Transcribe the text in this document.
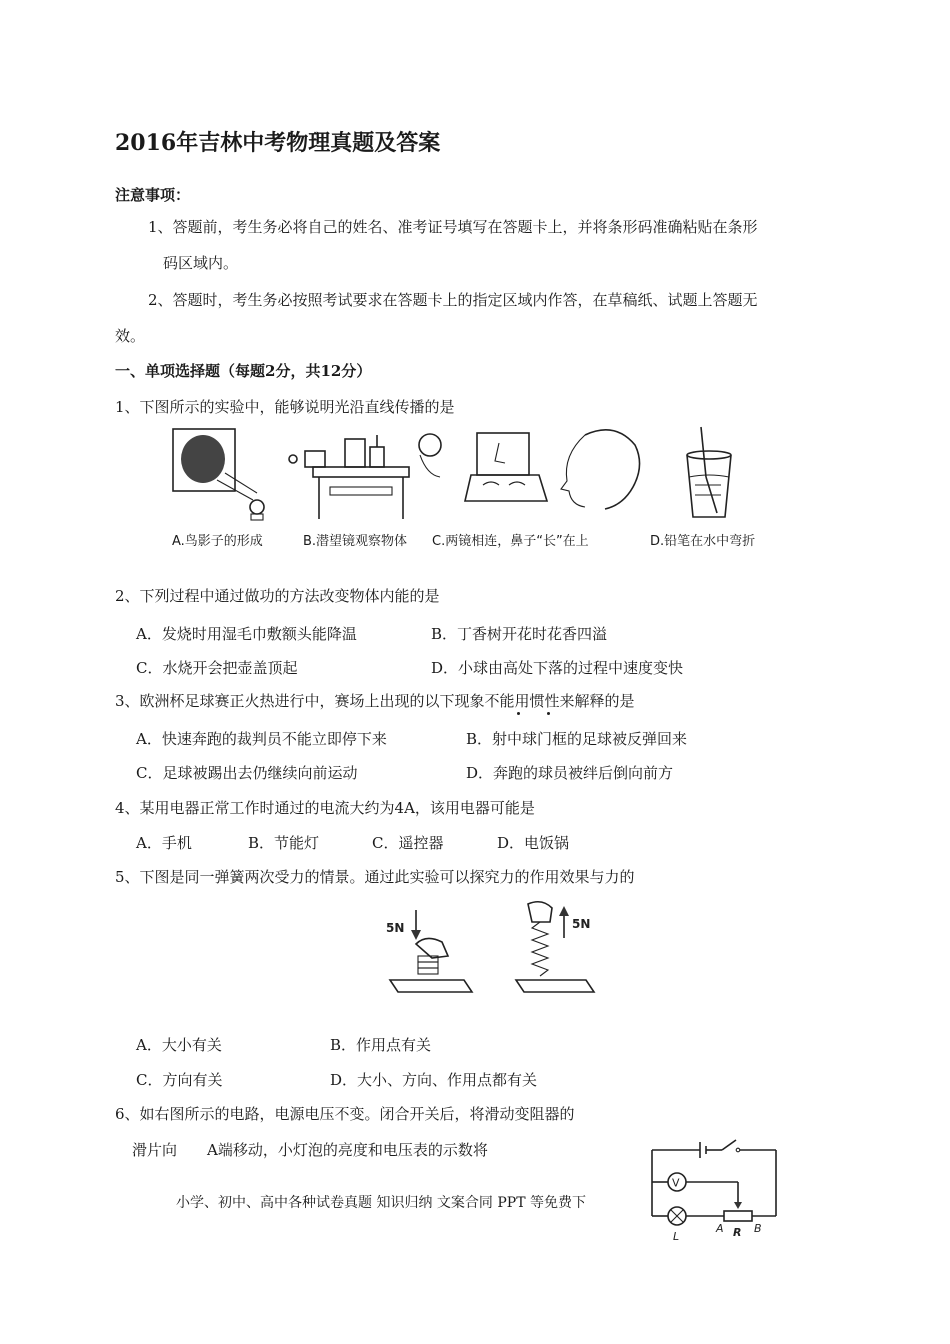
2016年吉林中考物理真题及答案
注意事项：
1、答题前，考生务必将自己的姓名、准考证号填写在答题卡上，并将条形码准确粘贴在条形
码区域内。
2、答题时，考生务必按照考试要求在答题卡上的指定区域内作答，在草稿纸、试题上答题无
效。
一、单项选择题（每题2分，共12分）
1、下图所示的实验中，能够说明光沿直线传播的是
A.鸟影子的形成	B.潜望镜观察物体 C.两镜相连，鼻子“长”在上	D.铅笔在水中弯折
2、下列过程中通过做功的方法改变物体内能的是
A．发烧时用湿毛巾敷额头能降温	B．丁香树开花时花香四溢
C．水烧开会把壶盖顶起	D．小球由高处下落的过程中速度变快
3、欧洲杯足球赛正火热进行中，赛场上出现的以下现象不能用惯性来解释的是
A．快速奔跑的裁判员不能立即停下来	B．射中球门框的足球被反弹回来
C．足球被踢出去仍继续向前运动	D．奔跑的球员被绊后倒向前方
4、某用电器正常工作时通过的电流大约为4A，该用电器可能是
A．手机	B．节能灯	C．遥控器	D．电饭锅
5、下图是同一弹簧两次受力的情景。通过此实验可以探究力的作用效果与力的
5N	5N
A．大小有关	B．作用点有关
C．方向有关	D．大小、方向、作用点都有关
6、如右图所示的电路，电源电压不变。闭合开关后，将滑动变阻器的
滑片向 A端移动，小灯泡的亮度和电压表的示数将
V
L
A R B
小学、初中、高中各种试卷真题 知识归纳 文案合同 PPT 等免费下
